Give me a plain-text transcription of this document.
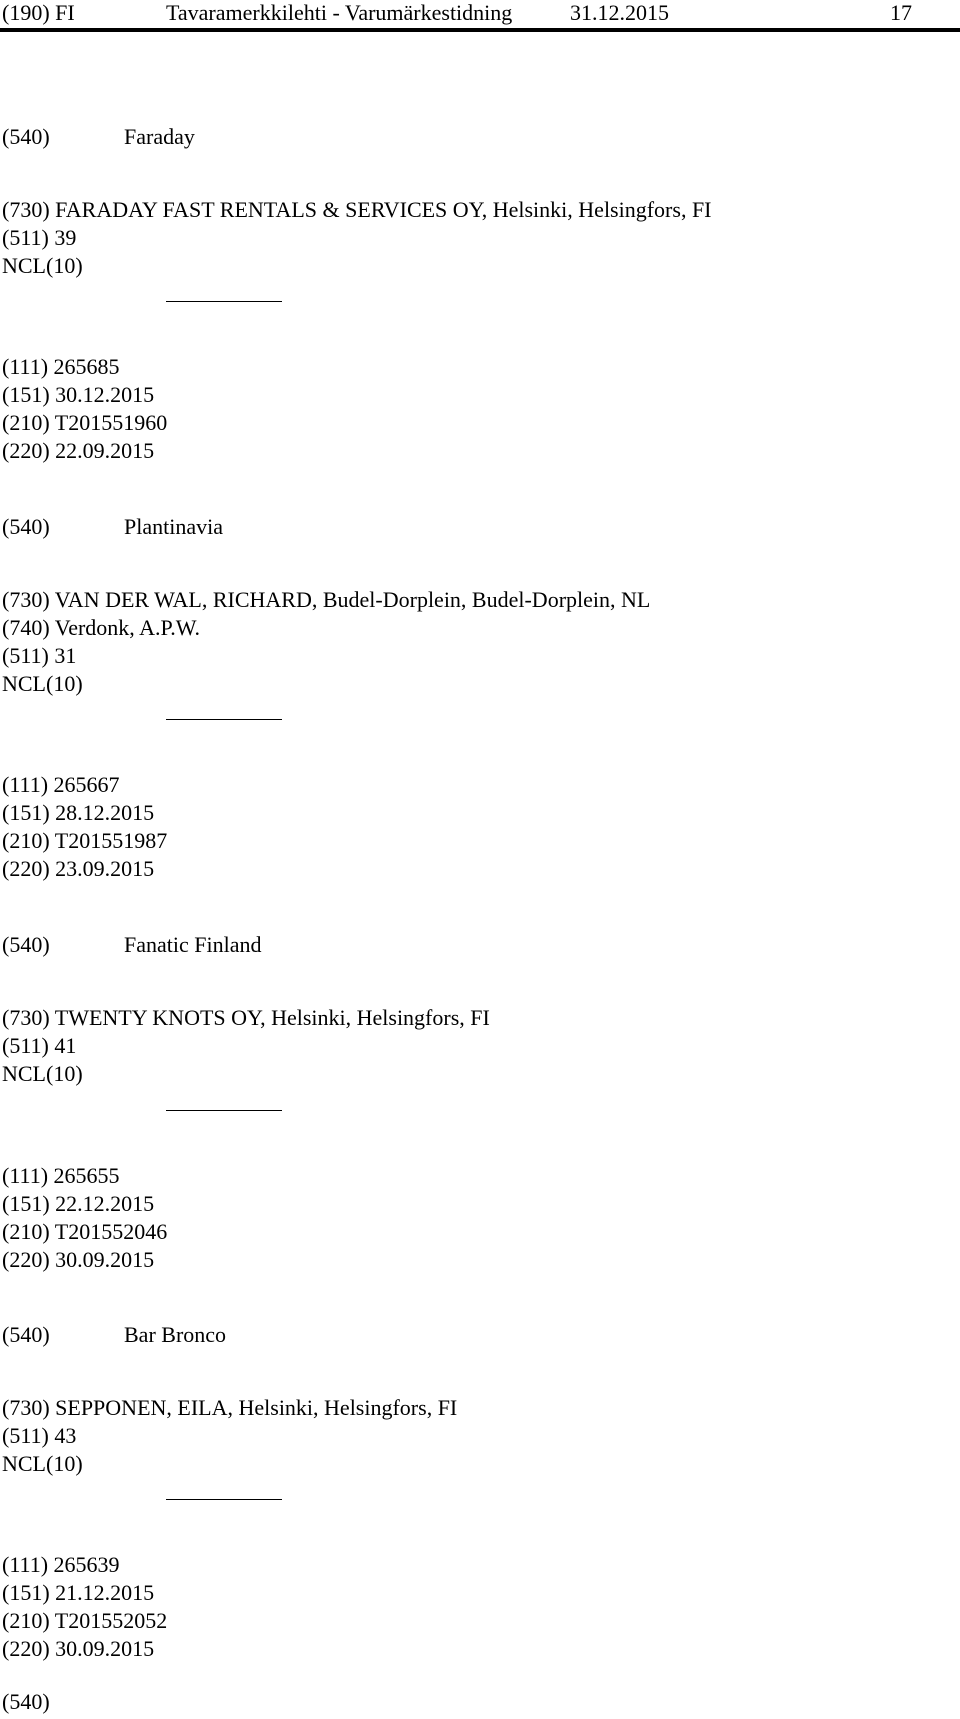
(190) FI	Tavaramerkkilehti - Varumärkestidning	31.12.2015	17
(540)	Faraday
(730) FARADAY FAST RENTALS & SERVICES OY, Helsinki, Helsingfors, FI
(511) 39
NCL(10)
(111) 265685
(151) 30.12.2015
(210) T201551960
(220) 22.09.2015
(540)	Plantinavia
(730) VAN DER WAL, RICHARD, Budel-Dorplein, Budel-Dorplein, NL
(740) Verdonk, A.P.W.
(511) 31
NCL(10)
(111) 265667
(151) 28.12.2015
(210) T201551987
(220) 23.09.2015
(540)	Fanatic Finland
(730) TWENTY KNOTS OY, Helsinki, Helsingfors, FI
(511) 41
NCL(10)
(111) 265655
(151) 22.12.2015
(210) T201552046
(220) 30.09.2015
(540)	Bar Bronco
(730) SEPPONEN, EILA, Helsinki, Helsingfors, FI
(511) 43
NCL(10)
(111) 265639
(151) 21.12.2015
(210) T201552052
(220) 30.09.2015
(540)
